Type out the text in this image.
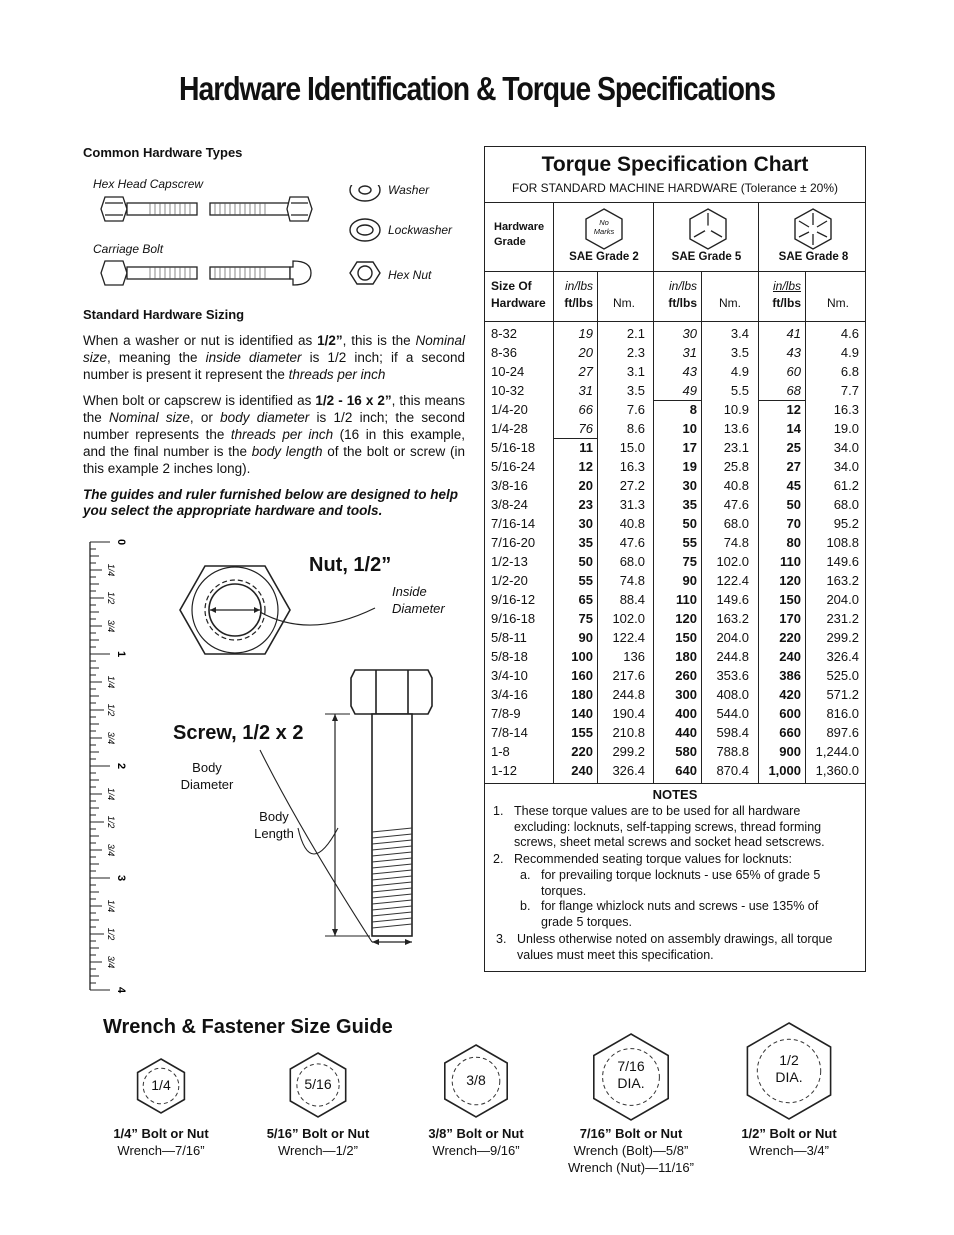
Hardware Identification & Torque Specifications
Common Hardware Types
Hex Head Capscrew
Carriage Bolt
Washer
Lockwasher
Hex Nut
Standard Hardware Sizing
When a washer or nut is identified as 1/2”, this is the Nominal size, meaning the inside diameter is 1/2 inch; if a second number is present it represent the threads per inch
When bolt or capscrew is identified as 1/2 - 16 x 2”, this means the Nominal size, or body diameter is 1/2 inch; the second number represents the threads per inch (16 in this example, and the final number is the body length of the bolt or screw (in this example 2 inches long).
The guides and ruler furnished below are designed to help you select the appropriate hardware and tools.
0
1/4
1/2
3/4
1
1/4
1/2
3/4
2
1/4
1/2
3/4
3
1/4
1/2
3/4
4
Nut, 1/2”
Inside Diameter
Screw, 1/2 x 2
Body Diameter
Body Length
Torque Specification Chart
FOR STANDARD MACHINE HARDWARE (Tolerance ± 20%)
Hardware Grade
No Marks
SAE Grade 2	SAE Grade 5	SAE Grade 8
Size Of Hardware
in/lbs
ft/lbs	Nm.
in/lbs
ft/lbs	Nm.
in/lbs
ft/lbs	Nm.
8-32	19	2.1	30	3.4	41	4.6
8-36	20	2.3	31	3.5	43	4.9
10-24	27	3.1	43	4.9	60	6.8
10-32	31	3.5	49	5.5	68	7.7
1/4-20	66	7.6	8	10.9	12	16.3
1/4-28	76	8.6	10	13.6	14	19.0
5/16-18	11	15.0	17	23.1	25	34.0
5/16-24	12	16.3	19	25.8	27	34.0
3/8-16	20	27.2	30	40.8	45	61.2
3/8-24	23	31.3	35	47.6	50	68.0
7/16-14	30	40.8	50	68.0	70	95.2
7/16-20	35	47.6	55	74.8	80	108.8
1/2-13	50	68.0	75	102.0	110	149.6
1/2-20	55	74.8	90	122.4	120	163.2
9/16-12	65	88.4	110	149.6	150	204.0
9/16-18	75	102.0	120	163.2	170	231.2
5/8-11	90	122.4	150	204.0	220	299.2
5/8-18	100	136	180	244.8	240	326.4
3/4-10	160	217.6	260	353.6	386	525.0
3/4-16	180	244.8	300	408.0	420	571.2
7/8-9	140	190.4	400	544.0	600	816.0
7/8-14	155	210.8	440	598.4	660	897.6
1-8	220	299.2	580	788.8	900	1,244.0
1-12	240	326.4	640	870.4	1,000	1,360.0
NOTES
1. These torque values are to be used for all hardware excluding: locknuts, self-tapping screws, thread forming screws, sheet metal screws and socket head setscrews.
2. Recommended seating torque values for locknuts:
a. for prevailing torque locknuts - use 65% of grade 5 torques.
b. for flange whizlock nuts and screws - use 135% of grade 5 torques.
3. Unless otherwise noted on assembly drawings, all torque values must meet this specification.
Wrench & Fastener Size Guide
1/4	5/16	3/8
7/16 DIA.
1/2 DIA.
1/4” Bolt or Nut
Wrench—7/16”
5/16” Bolt or Nut
Wrench—1/2”
3/8” Bolt or Nut
Wrench—9/16”
7/16” Bolt or Nut
Wrench (Bolt)—5/8”
Wrench (Nut)—11/16”
1/2” Bolt or Nut
Wrench—3/4”
